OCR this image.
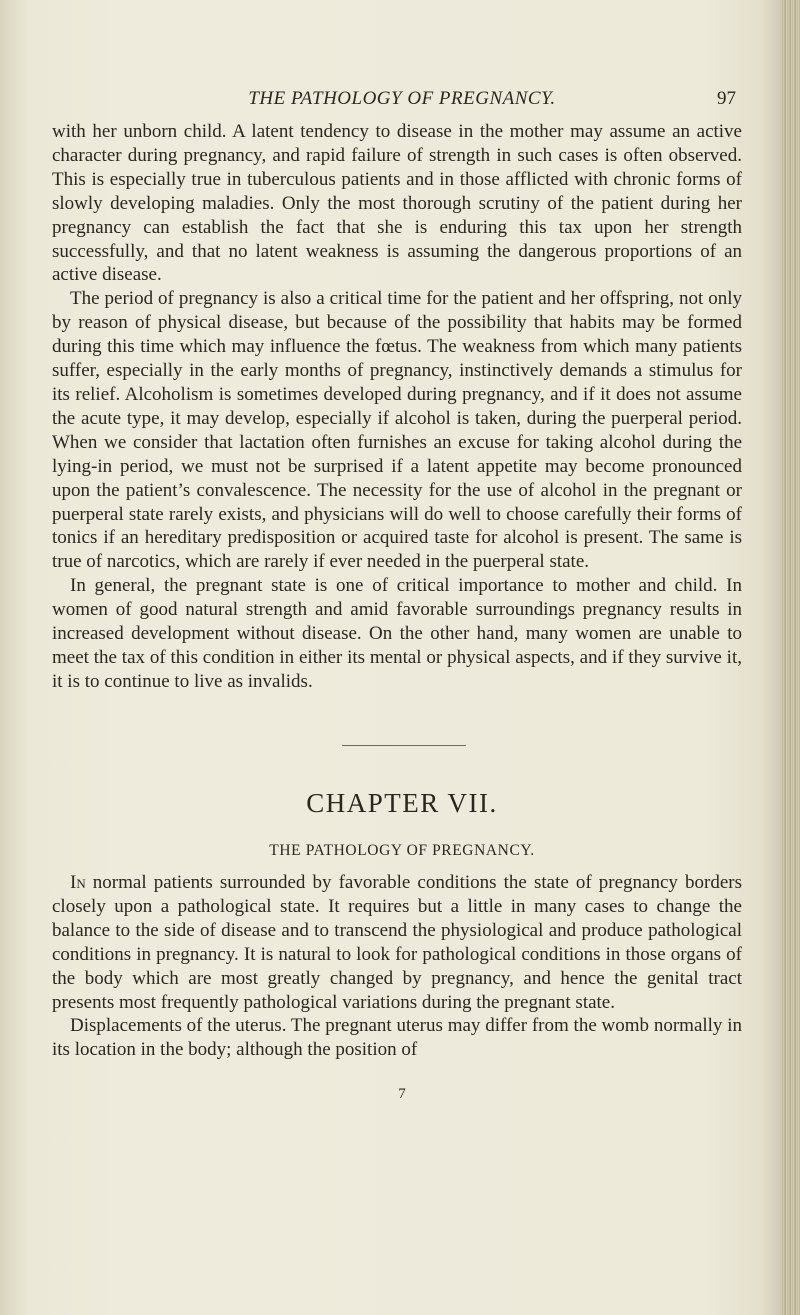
THE PATHOLOGY OF PREGNANCY.	97

with her unborn child. A latent tendency to disease in the mother may assume an active character during pregnancy, and rapid failure of strength in such cases is often observed. This is especially true in tuberculous patients and in those afflicted with chronic forms of slowly developing maladies. Only the most thorough scrutiny of the patient during her pregnancy can establish the fact that she is enduring this tax upon her strength successfully, and that no latent weakness is assuming the dangerous proportions of an active disease.

The period of pregnancy is also a critical time for the patient and her offspring, not only by reason of physical disease, but because of the possibility that habits may be formed during this time which may influence the fœtus. The weakness from which many patients suffer, especially in the early months of pregnancy, instinctively demands a stimulus for its relief. Alcoholism is sometimes developed during pregnancy, and if it does not assume the acute type, it may develop, especially if alcohol is taken, during the puerperal period. When we consider that lactation often furnishes an excuse for taking alcohol during the lying-in period, we must not be surprised if a latent appetite may become pronounced upon the patient’s convalescence. The necessity for the use of alcohol in the pregnant or puerperal state rarely exists, and physicians will do well to choose carefully their forms of tonics if an hereditary predisposition or acquired taste for alcohol is present. The same is true of narcotics, which are rarely if ever needed in the puerperal state.

In general, the pregnant state is one of critical importance to mother and child. In women of good natural strength and amid favorable surroundings pregnancy results in increased development without disease. On the other hand, many women are unable to meet the tax of this condition in either its mental or physical aspects, and if they survive it, it is to continue to live as invalids.

CHAPTER VII.
THE PATHOLOGY OF PREGNANCY.

In normal patients surrounded by favorable conditions the state of pregnancy borders closely upon a pathological state. It requires but a little in many cases to change the balance to the side of disease and to transcend the physiological and produce pathological conditions in pregnancy. It is natural to look for pathological conditions in those organs of the body which are most greatly changed by pregnancy, and hence the genital tract presents most frequently pathological variations during the pregnant state.

Displacements of the uterus. The pregnant uterus may differ from the womb normally in its location in the body; although the position of

7
